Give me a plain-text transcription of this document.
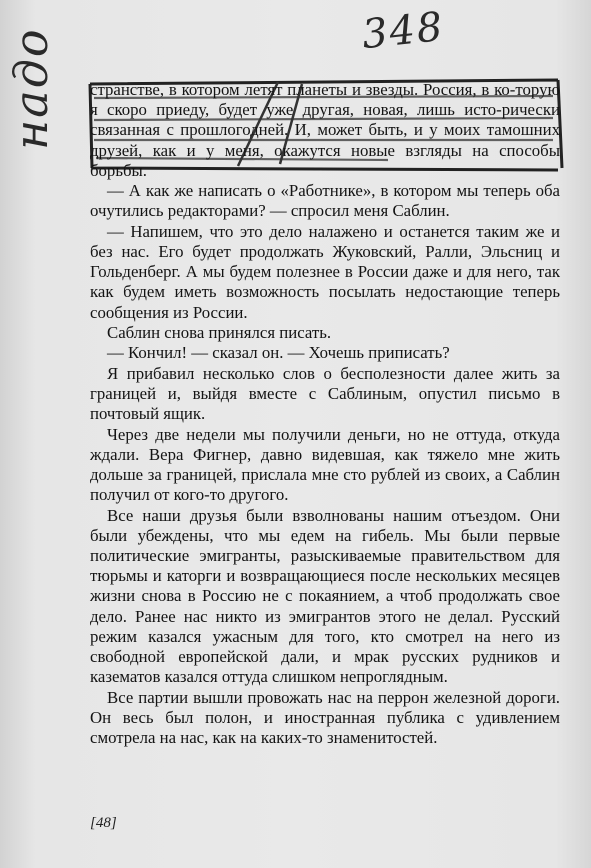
348
надо странстве, в котором летят планеты и звезды. Россия, в ко-торую я скоро приеду, будет уже другая, новая, лишь исто-рически связанная с прошлогодней. И, может быть, и у моих тамошних друзей, как и у меня, окажутся новые взгляды на способы борьбы.

— А как же написать о «Работнике», в котором мы теперь оба очутились редакторами? — спросил меня Саблин.

— Напишем, что это дело налажено и останется таким же и без нас. Его будет продолжать Жуковский, Ралли, Эльсниц и Гольденберг. А мы будем полезнее в России даже и для него, так как будем иметь возможность посылать недостающие теперь сообщения из России.

Саблин снова принялся писать.

— Кончил! — сказал он. — Хочешь приписать?

Я прибавил несколько слов о бесполезности далее жить за границей и, выйдя вместе с Саблиным, опустил письмо в почтовый ящик.

Через две недели мы получили деньги, но не оттуда, откуда ждали. Вера Фигнер, давно видевшая, как тяжело мне жить дольше за границей, прислала мне сто рублей из своих, а Саблин получил от кого-то другого.

Все наши друзья были взволнованы нашим отъездом. Они были убеждены, что мы едем на гибель. Мы были первые политические эмигранты, разыскиваемые правительством для тюрьмы и каторги и возвращающиеся после нескольких месяцев жизни снова в Россию не с покаянием, а чтоб продолжать свое дело. Ранее нас никто из эмигрантов этого не делал. Русский режим казался ужасным для того, кто смотрел на него из свободной европейской дали, и мрак русских рудников и казематов казался оттуда слишком непроглядным.

Все партии вышли провожать нас на перрон железной дороги. Он весь был полон, и иностранная публика с удивлением смотрела на нас, как на каких-то знаменитостей.

[48]
